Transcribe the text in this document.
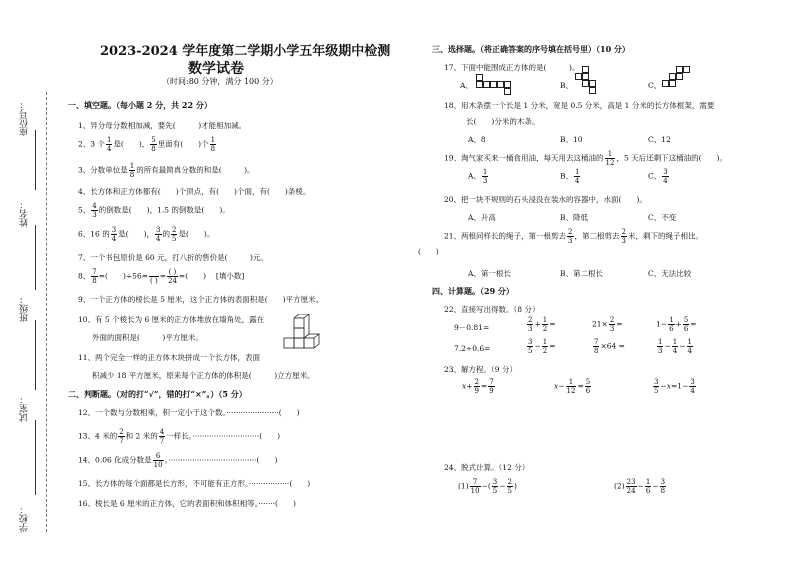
座位号：
姓名：
班级：
试室：
学校：
2023-2024 学年度第二学期小学五年级期中检测
数学试卷
（时间:80 分钟，满分 100 分）
一、填空题。（每小题 2 分，共 22 分）
1、异分母分数相加减，要先(　　　)才能相加减。
2、3 个 $\frac{1}{4}$ 是(　　)， $\frac{5}{8}$ 里面有(　　)个 $\frac{1}{8}$
3、分数单位是 $\frac{1}{8}$ 的所有最简真分数的和是(　　　)。
4、长方体和正方体都有(　　)个顶点，有(　　)个面，有(　　)条棱。
5、 $\frac{4}{3}$ 的倒数是(　　)，1.5 的倒数是(　　)。
6、16 的 $\frac{3}{4}$ 是(　　)， $\frac{3}{4}$ 的 $\frac{2}{5}$ 是(　　)。
7、一个书包原价是 60 元，打八折的售价是(　　　)元。
8、 $\frac{7}{8}$ =(　　)÷56=

( )
= $\frac{( )}{24}$ =(　　)　 [填小数]
9、一个正方体的棱长是 5 厘米，这个正方体的表面积是(　　)平方厘米。
10、有 5 个棱长为 6 厘米的正方体堆放在墙角处，露在
外面的面积是(　　　)平方厘米。
11、两个完全一样的正方体木块拼成一个长方体，表面
积减少 18 平方厘米，原来每个正方体的体积是(　　　)立方厘米。
二、判断题。（对的打“√”，错的打“×”。）（5 分）
12、一个数与分数相乘，积一定小于这个数。······················(　　)
13、4 米的 $\frac{2}{7}$ 和 2 米的 $\frac{4}{7}$ 一样长。····························(　　)
14、0.06 化成分数是 $\frac{6}{10}$ 。·····································(　　)
15、长方体的每个面都是长方形，不可能有正方形。·················(　　)
16、棱长是 6 厘米的正方体，它的表面积和体积相等。·······(　　)
三、选择题。（将正确答案的序号填在括号里）（10 分）
17、下面中能围成正方体的是(　　　)。
A、	B、	C、
18、用木条摆一个长是 1 分米，宽是 0.5 分米，高是 1 分米的长方体框架，需要
长(　　)分米的木条。
A、8	B、10	C、12
19、淘气家买来一桶食用油，每天用去这桶油的 $\frac{1}{12}$ ，5 天后还剩下这桶油的(　　)。
A、 $\frac{1}{3}$	B、 $\frac{1}{4}$	C、 $\frac{3}{4}$
20、把一块不规则的石头浸没在装水的容器中，水面(　　)。
A、升高	B、降低	C、不变
21、两根同样长的绳子，第一根剪去 $\frac{2}{3}$ ，第二根剪去 $\frac{2}{3}$ 米，剩下的绳子相比。
(　　)
A、第一根长	B、第二根长	C、无法比较
四、计算题。（29 分）
22、直接写出得数。（8 分）
9－0.81=	$\frac{2}{3} + \frac{1}{2}$ =	$21\times \frac{2}{3}$ =	$1- \frac{1}{6} + \frac{5}{6}$ =
7.2÷0.6=	$\frac{3}{5} - \frac{1}{2}$ =	$\frac{7}{8} \times 64$ =	$\frac{1}{3} - \frac{1}{4} - \frac{1}{4}$
23、解方程。（9 分）
$x+ \frac{2}{9} = \frac{7}{9}$	$x- \frac{1}{12} = \frac{5}{6}$	$\frac{3}{5} -x=1- \frac{3}{4}$
24、脱式计算。（12 分）
$(1) \frac{7}{10}$ −( $\frac{3}{5} - \frac{2}{5}$ )	$(2) \frac{23}{24} - \frac{1}{6} - \frac{3}{8}$
